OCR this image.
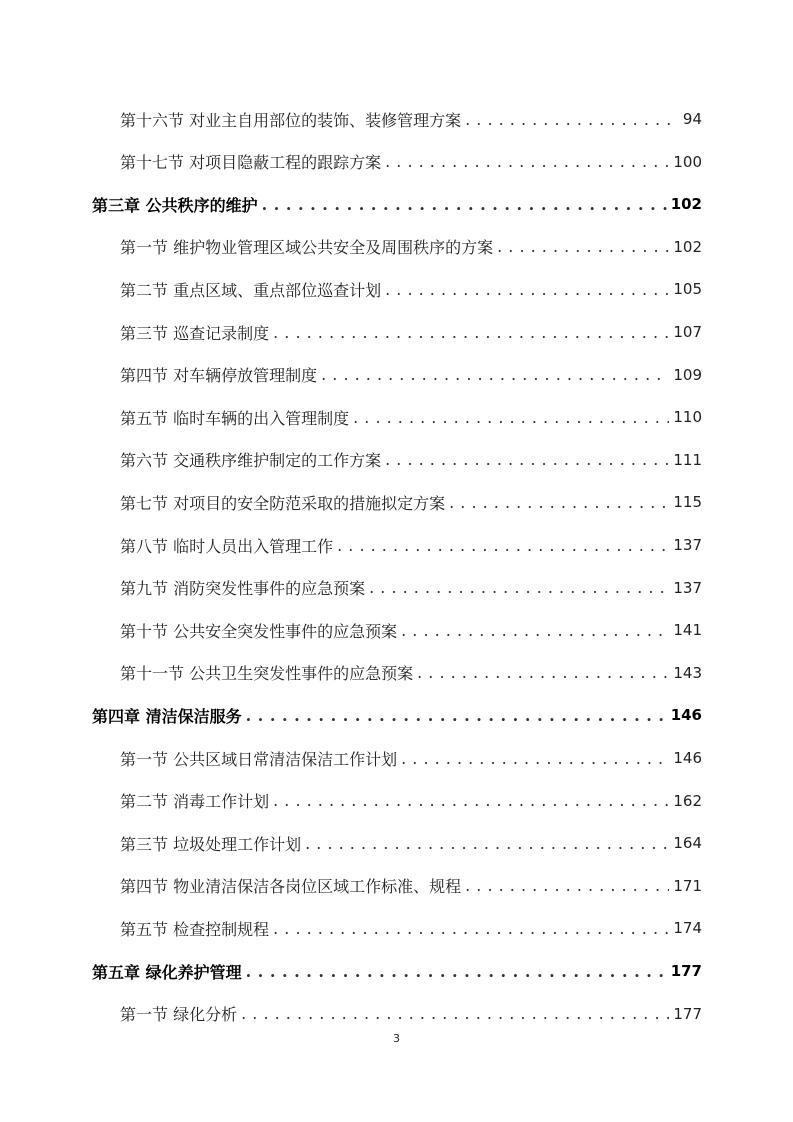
第十六节 对业主自用部位的装饰、装修管理方案 . . .	94
第十七节 对项目隐蔽工程的跟踪方案 . . .	100
第三章 公共秩序的维护 . . .	102
第一节 维护物业管理区域公共安全及周围秩序的方案 . . .	102
第二节 重点区域、重点部位巡查计划 . . .	105
第三节 巡查记录制度 . . .	107
第四节 对车辆停放管理制度 . . .	109
第五节 临时车辆的出入管理制度 . . .	110
第六节 交通秩序维护制定的工作方案 . . .	111
第七节 对项目的安全防范采取的措施拟定方案 . . .	115
第八节 临时人员出入管理工作 . . .	137
第九节 消防突发性事件的应急预案 . . .	137
第十节 公共安全突发性事件的应急预案 . . .	141
第十一节 公共卫生突发性事件的应急预案 . . .	143
第四章 清洁保洁服务 . . .	146
第一节 公共区域日常清洁保洁工作计划 . . .	146
第二节 消毒工作计划 . . .	162
第三节 垃圾处理工作计划 . . .	164
第四节 物业清洁保洁各岗位区域工作标准、规程 . . .	171
第五节 检查控制规程 . . .	174
第五章 绿化养护管理 . . .	177
第一节 绿化分析 . . .	177
3
